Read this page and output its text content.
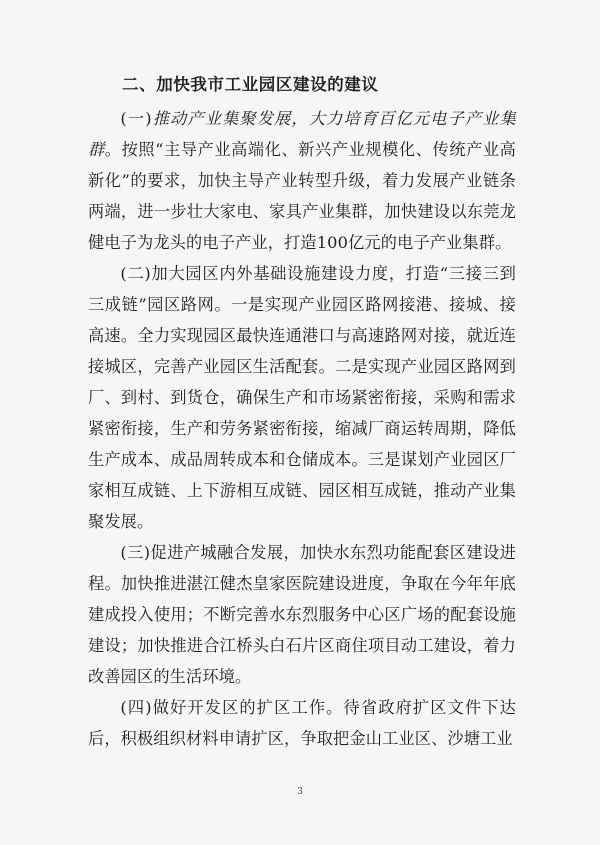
二、加快我市工业园区建设的建议

(一)推动产业集聚发展，大力培育百亿元电子产业集群。按照“主导产业高端化、新兴产业规模化、传统产业高新化”的要求，加快主导产业转型升级，着力发展产业链条两端，进一步壮大家电、家具产业集群，加快建设以东莞龙健电子为龙头的电子产业，打造100亿元的电子产业集群。

(二)加大园区内外基础设施建设力度，打造“三接三到三成链”园区路网。一是实现产业园区路网接港、接城、接高速。全力实现园区最快连通港口与高速路网对接，就近连接城区，完善产业园区生活配套。二是实现产业园区路网到厂、到村、到货仓，确保生产和市场紧密衔接，采购和需求紧密衔接，生产和劳务紧密衔接，缩减厂商运转周期，降低生产成本、成品周转成本和仓储成本。三是谋划产业园区厂家相互成链、上下游相互成链、园区相互成链，推动产业集聚发展。

(三)促进产城融合发展，加快水东烈功能配套区建设进程。加快推进湛江健杰皇家医院建设进度，争取在今年年底建成投入使用；不断完善水东烈服务中心区广场的配套设施建设；加快推进合江桥头白石片区商住项目动工建设，着力改善园区的生活环境。

(四)做好开发区的扩区工作。待省政府扩区文件下达后，积极组织材料申请扩区，争取把金山工业区、沙塘工业

3
